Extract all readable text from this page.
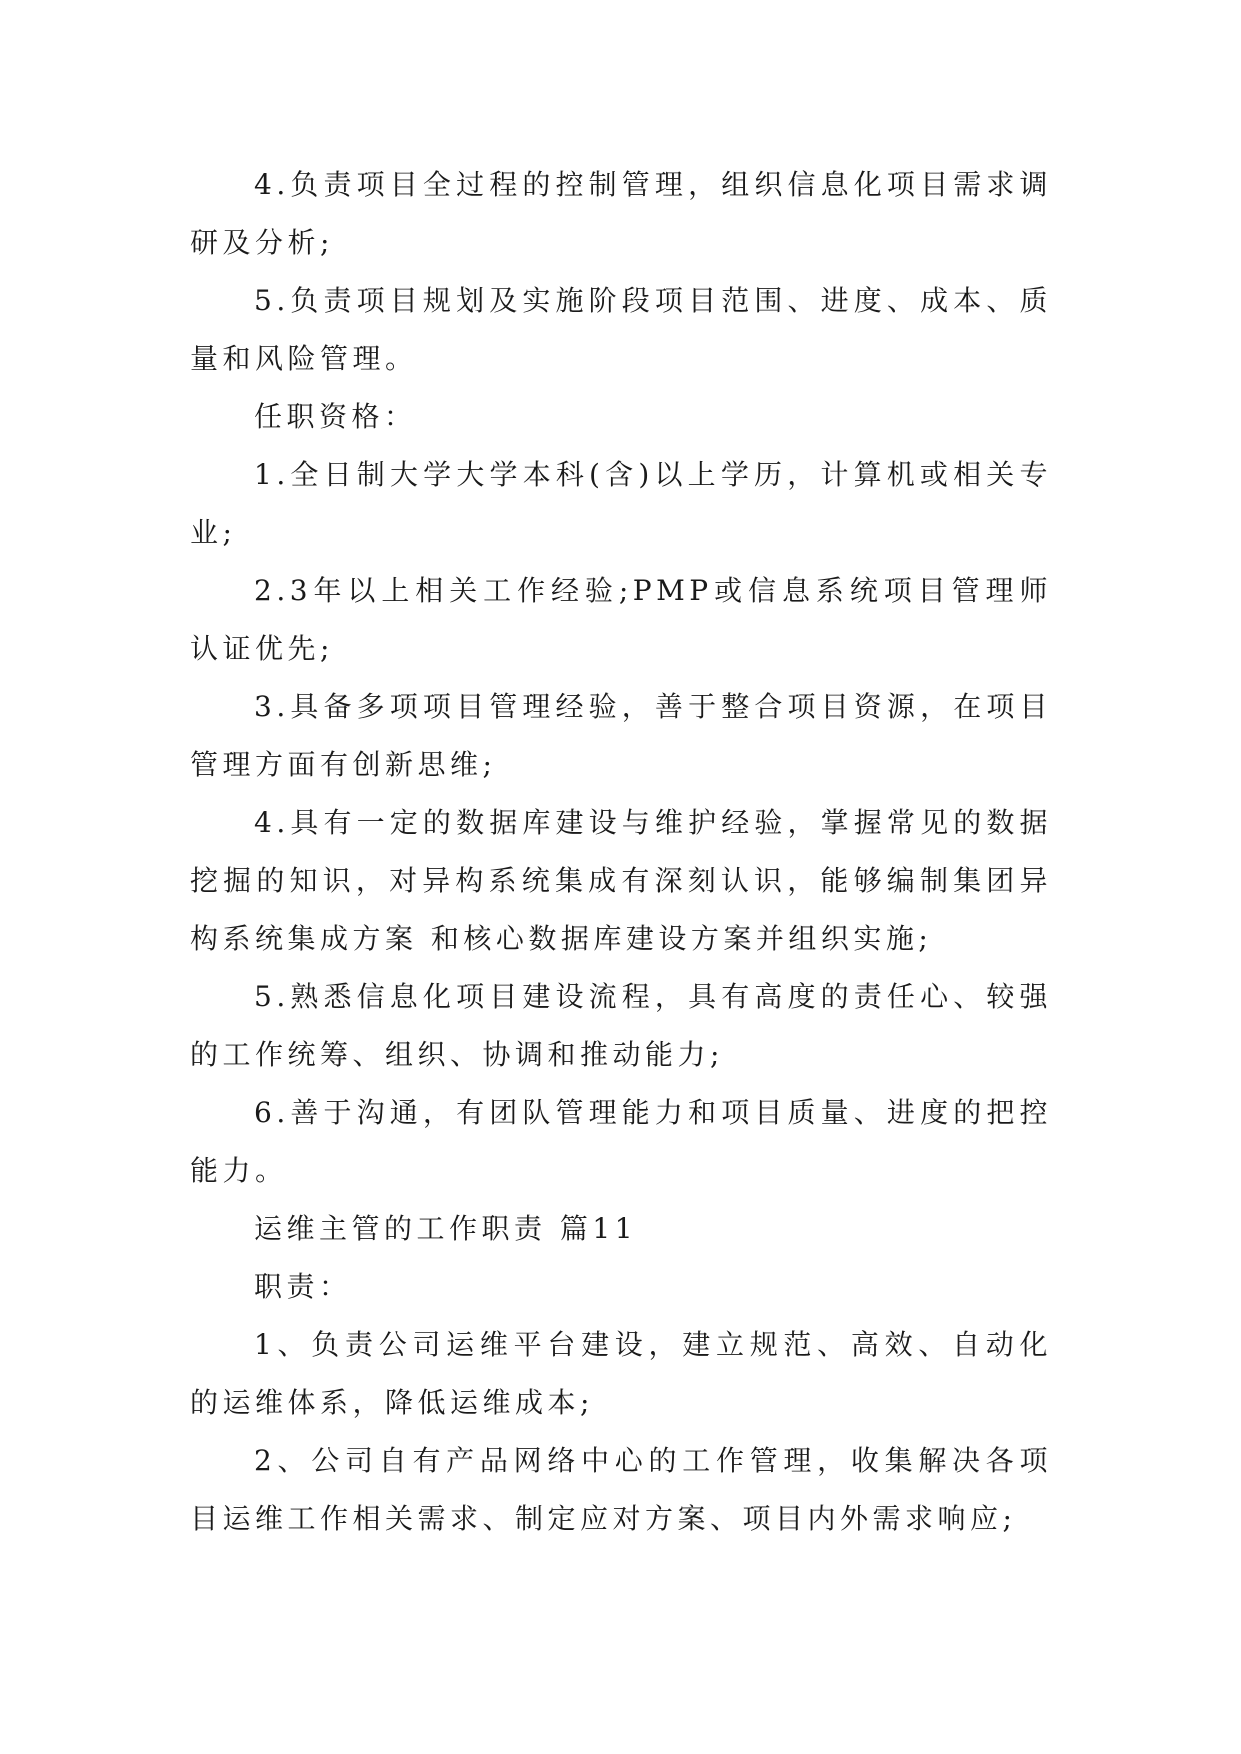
4.负责项目全过程的控制管理，组织信息化项目需求调研及分析;

5.负责项目规划及实施阶段项目范围、进度、成本、质量和风险管理。

任职资格：

1.全日制大学大学本科(含)以上学历，计算机或相关专业;

2.3年以上相关工作经验;PMP或信息系统项目管理师认证优先;

3.具备多项项目管理经验，善于整合项目资源，在项目管理方面有创新思维;

4.具有一定的数据库建设与维护经验，掌握常见的数据挖掘的知识，对异构系统集成有深刻认识，能够编制集团异构系统集成方案 和核心数据库建设方案并组织实施;

5.熟悉信息化项目建设流程，具有高度的责任心、较强的工作统筹、组织、协调和推动能力;

6.善于沟通，有团队管理能力和项目质量、进度的把控能力。

运维主管的工作职责 篇11

职责：

1、负责公司运维平台建设，建立规范、高效、自动化的运维体系，降低运维成本;

2、公司自有产品网络中心的工作管理，收集解决各项目运维工作相关需求、制定应对方案、项目内外需求响应;
